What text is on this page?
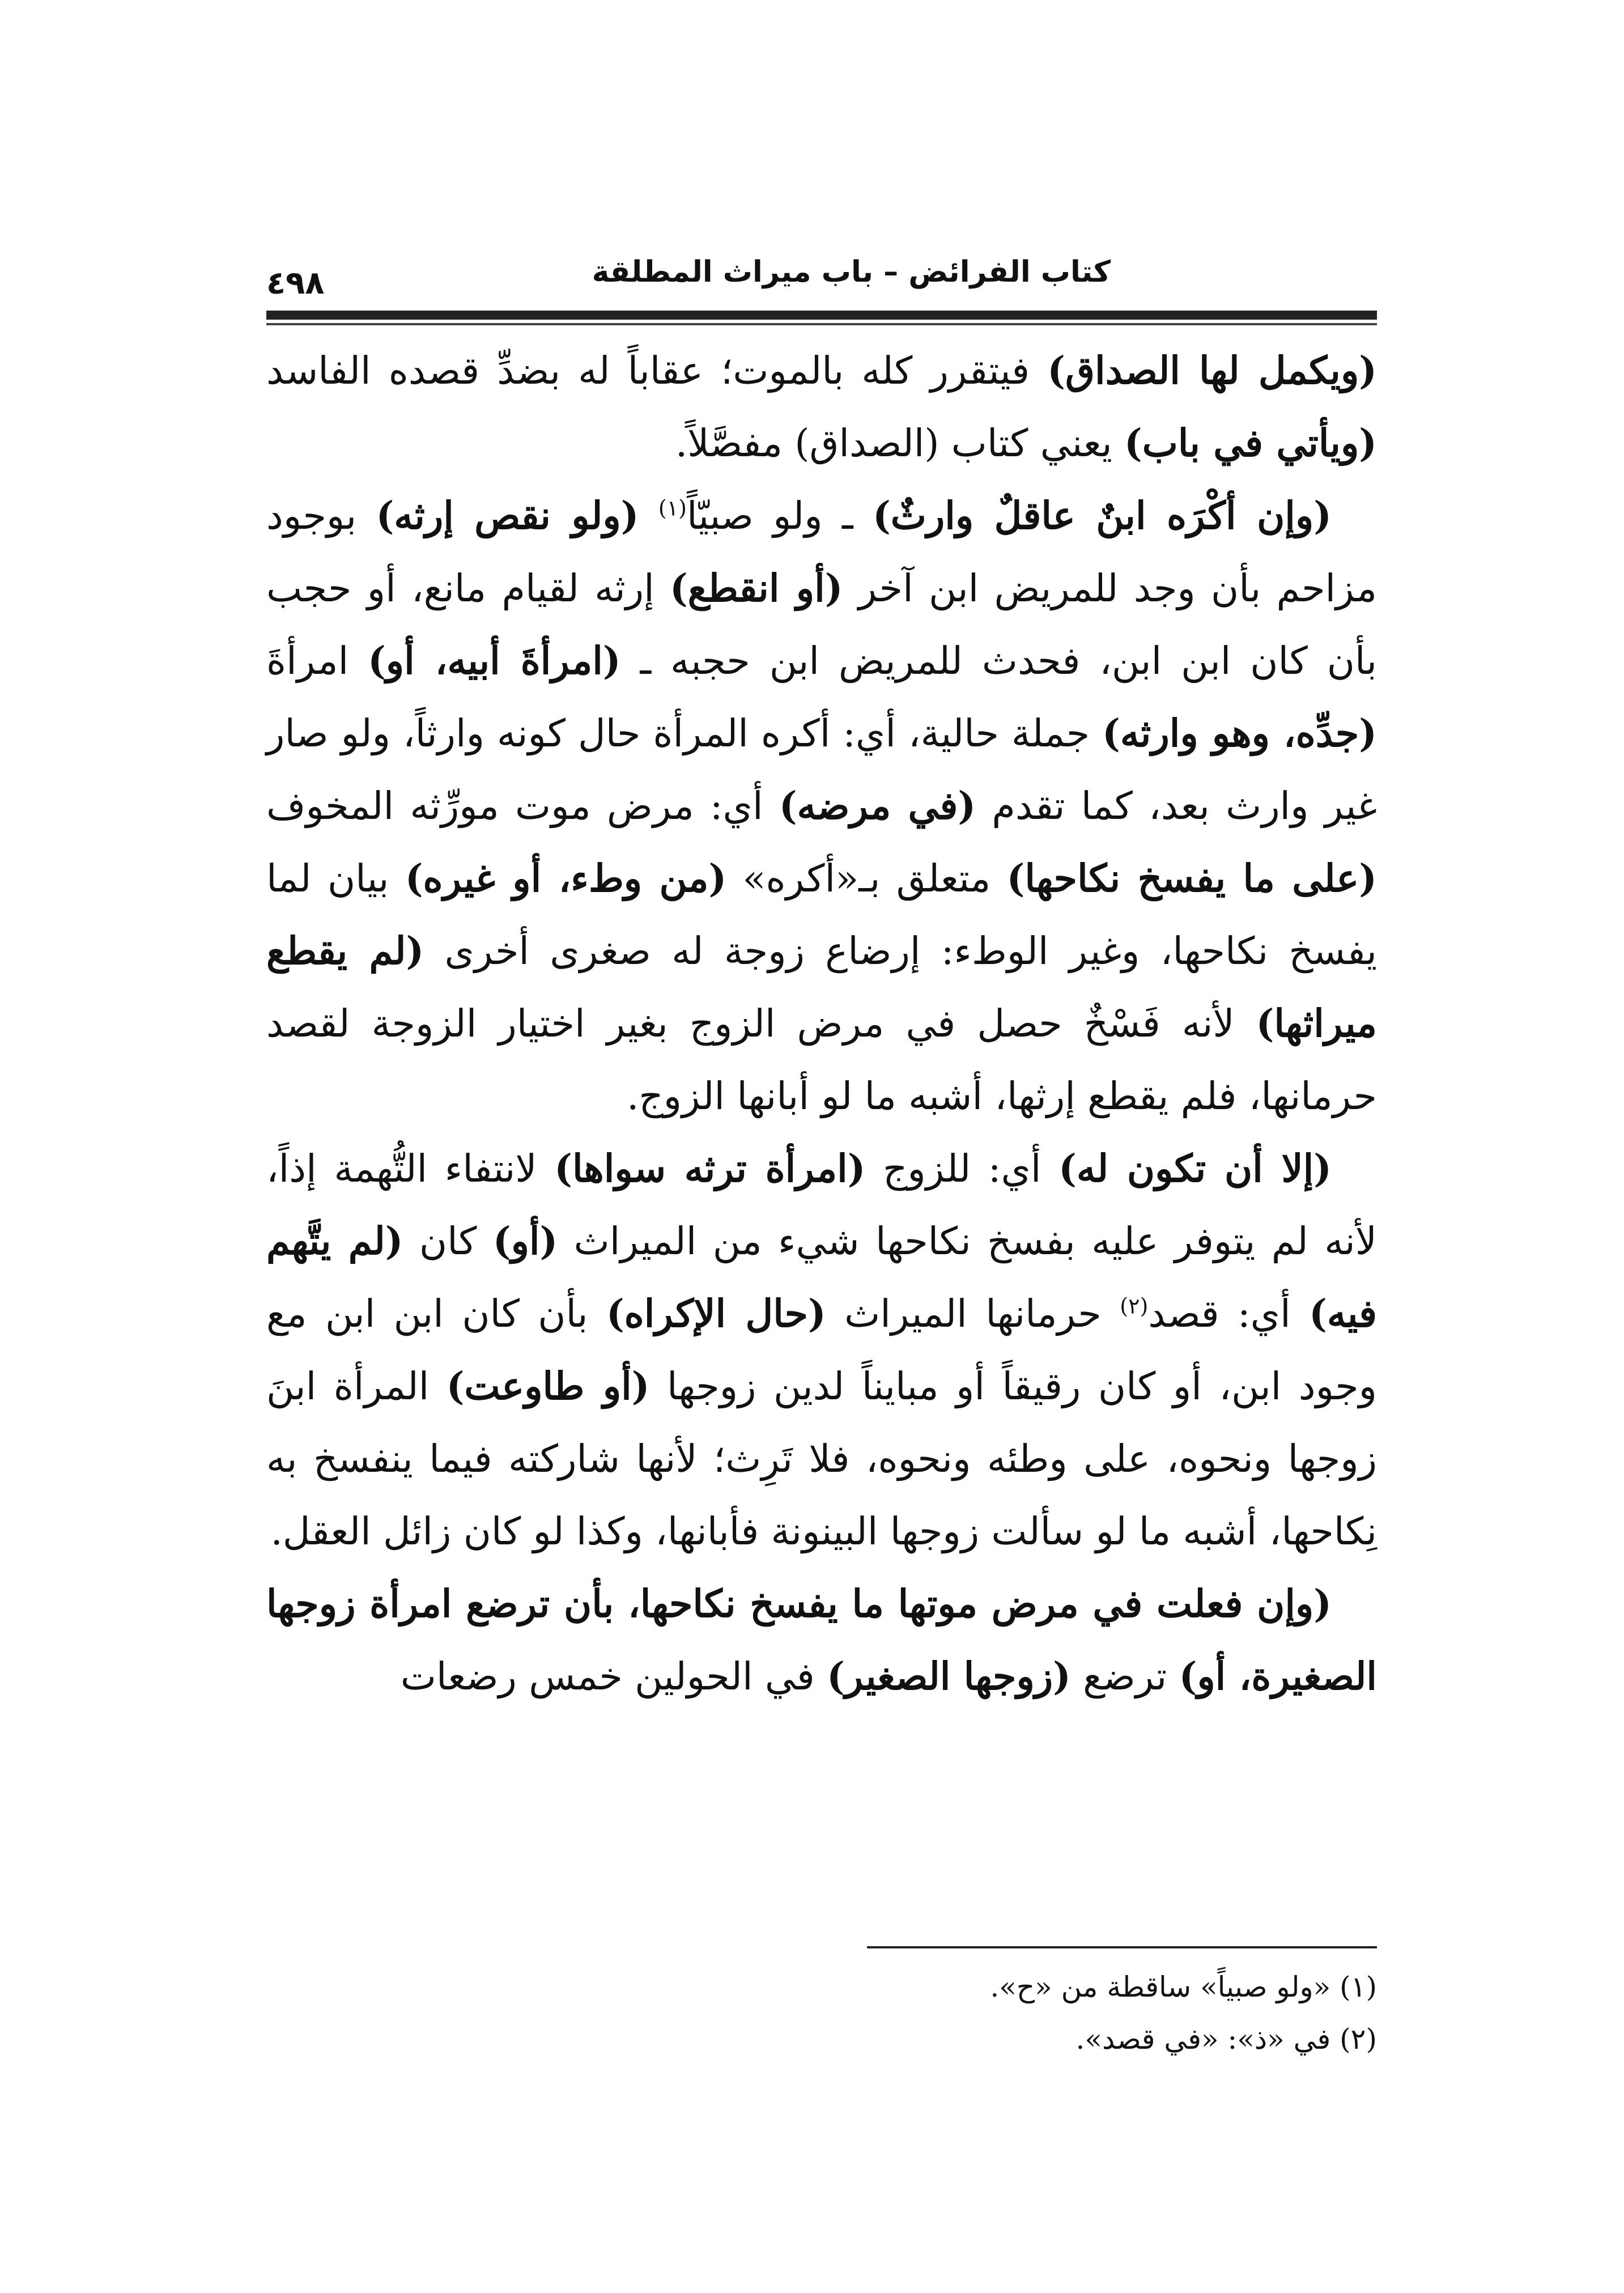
كتاب الفرائض – باب ميراث المطلقة
٤٩٨

(ويكمل لها الصداق) فيتقرر كله بالموت؛ عقاباً له بضدِّ قصده الفاسد (ويأتي في باب) يعني كتاب (الصداق) مفصَّلاً.

(وإن أكْرَه ابنٌ عاقلٌ وارثٌ) ـ ولو صبيّاً$^{(١)}$ (ولو نقص إرثه) بوجود مزاحم بأن وجد للمريض ابن آخر (أو انقطع) إرثه لقيام مانع، أو حجب بأن كان ابن ابن، فحدث للمريض ابن حجبه ـ (امرأةَ أبيه، أو) امرأةَ (جدِّه، وهو وارثه) جملة حالية، أي: أكره المرأة حال كونه وارثاً، ولو صار غير وارث بعد، كما تقدم (في مرضه) أي: مرض موت مورِّثه المخوف (على ما يفسخ نكاحها) متعلق بـ«أكره» (من وطء، أو غيره) بيان لما يفسخ نكاحها، وغير الوطء: إرضاع زوجة له صغرى أخرى (لم يقطع ميراثها) لأنه فَسْخٌ حصل في مرض الزوج بغير اختيار الزوجة لقصد حرمانها، فلم يقطع إرثها، أشبه ما لو أبانها الزوج.

(إلا أن تكون له) أي: للزوج (امرأة ترثه سواها) لانتفاء التُّهمة إذاً، لأنه لم يتوفر عليه بفسخ نكاحها شيء من الميراث (أو) كان (لم يتَّهم فيه) أي: قصد$^{(٢)}$ حرمانها الميراث (حال الإكراه) بأن كان ابن ابن مع وجود ابن، أو كان رقيقاً أو مبايناً لدين زوجها (أو طاوعت) المرأة ابنَ زوجها ونحوه، على وطئه ونحوه، فلا تَرِث؛ لأنها شاركته فيما ينفسخ به نِكاحها، أشبه ما لو سألت زوجها البينونة فأبانها، وكذا لو كان زائل العقل.

(وإن فعلت في مرض موتها ما يفسخ نكاحها، بأن ترضع امرأة زوجها الصغيرة، أو) ترضع (زوجها الصغير) في الحولين خمس رضعات

(١) «ولو صبياً» ساقطة من «ح».

(٢) في «ذ»: «في قصد».
